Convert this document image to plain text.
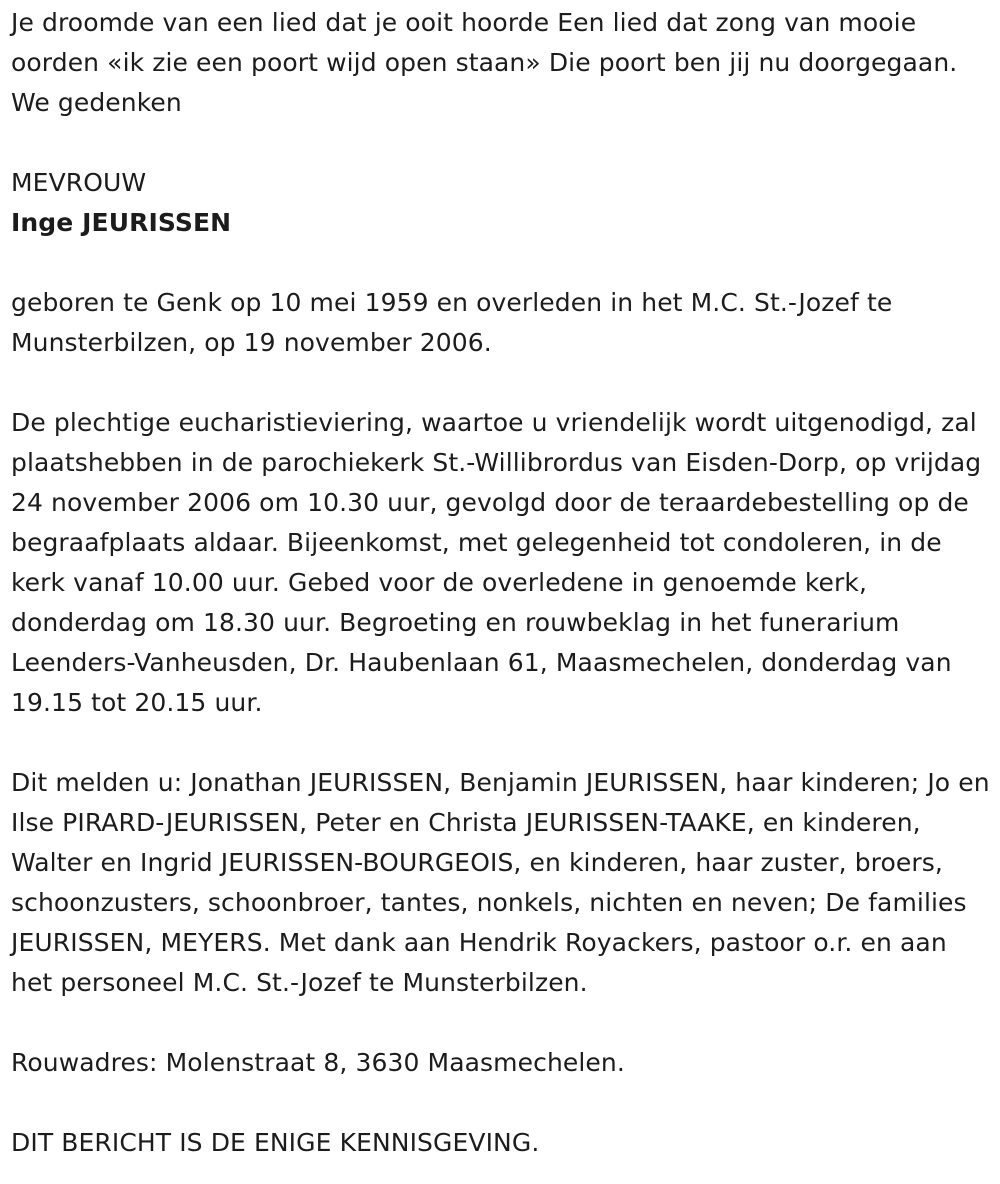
Je droomde van een lied dat je ooit hoorde Een lied dat zong van mooie oorden «ik zie een poort wijd open staan» Die poort ben jij nu doorgegaan. We gedenken

MEVROUW

Inge JEURISSEN

geboren te Genk op 10 mei 1959 en overleden in het M.C. St.-Jozef te Munsterbilzen, op 19 november 2006.

De plechtige eucharistieviering, waartoe u vriendelijk wordt uitgenodigd, zal plaatshebben in de parochiekerk St.-Willibrordus van Eisden-Dorp, op vrijdag 24 november 2006 om 10.30 uur, gevolgd door de teraardebestelling op de begraafplaats aldaar. Bijeenkomst, met gelegenheid tot condoleren, in de kerk vanaf 10.00 uur. Gebed voor de overledene in genoemde kerk, donderdag om 18.30 uur. Begroeting en rouwbeklag in het funerarium Leenders-Vanheusden, Dr. Haubenlaan 61, Maasmechelen, donderdag van 19.15 tot 20.15 uur.

Dit melden u: Jonathan JEURISSEN, Benjamin JEURISSEN, haar kinderen; Jo en Ilse PIRARD-JEURISSEN, Peter en Christa JEURISSEN-TAAKE, en kinderen, Walter en Ingrid JEURISSEN-BOURGEOIS, en kinderen, haar zuster, broers, schoonzusters, schoonbroer, tantes, nonkels, nichten en neven; De families JEURISSEN, MEYERS. Met dank aan Hendrik Royackers, pastoor o.r. en aan het personeel M.C. St.-Jozef te Munsterbilzen.

Rouwadres: Molenstraat 8, 3630 Maasmechelen.

DIT BERICHT IS DE ENIGE KENNISGEVING.
